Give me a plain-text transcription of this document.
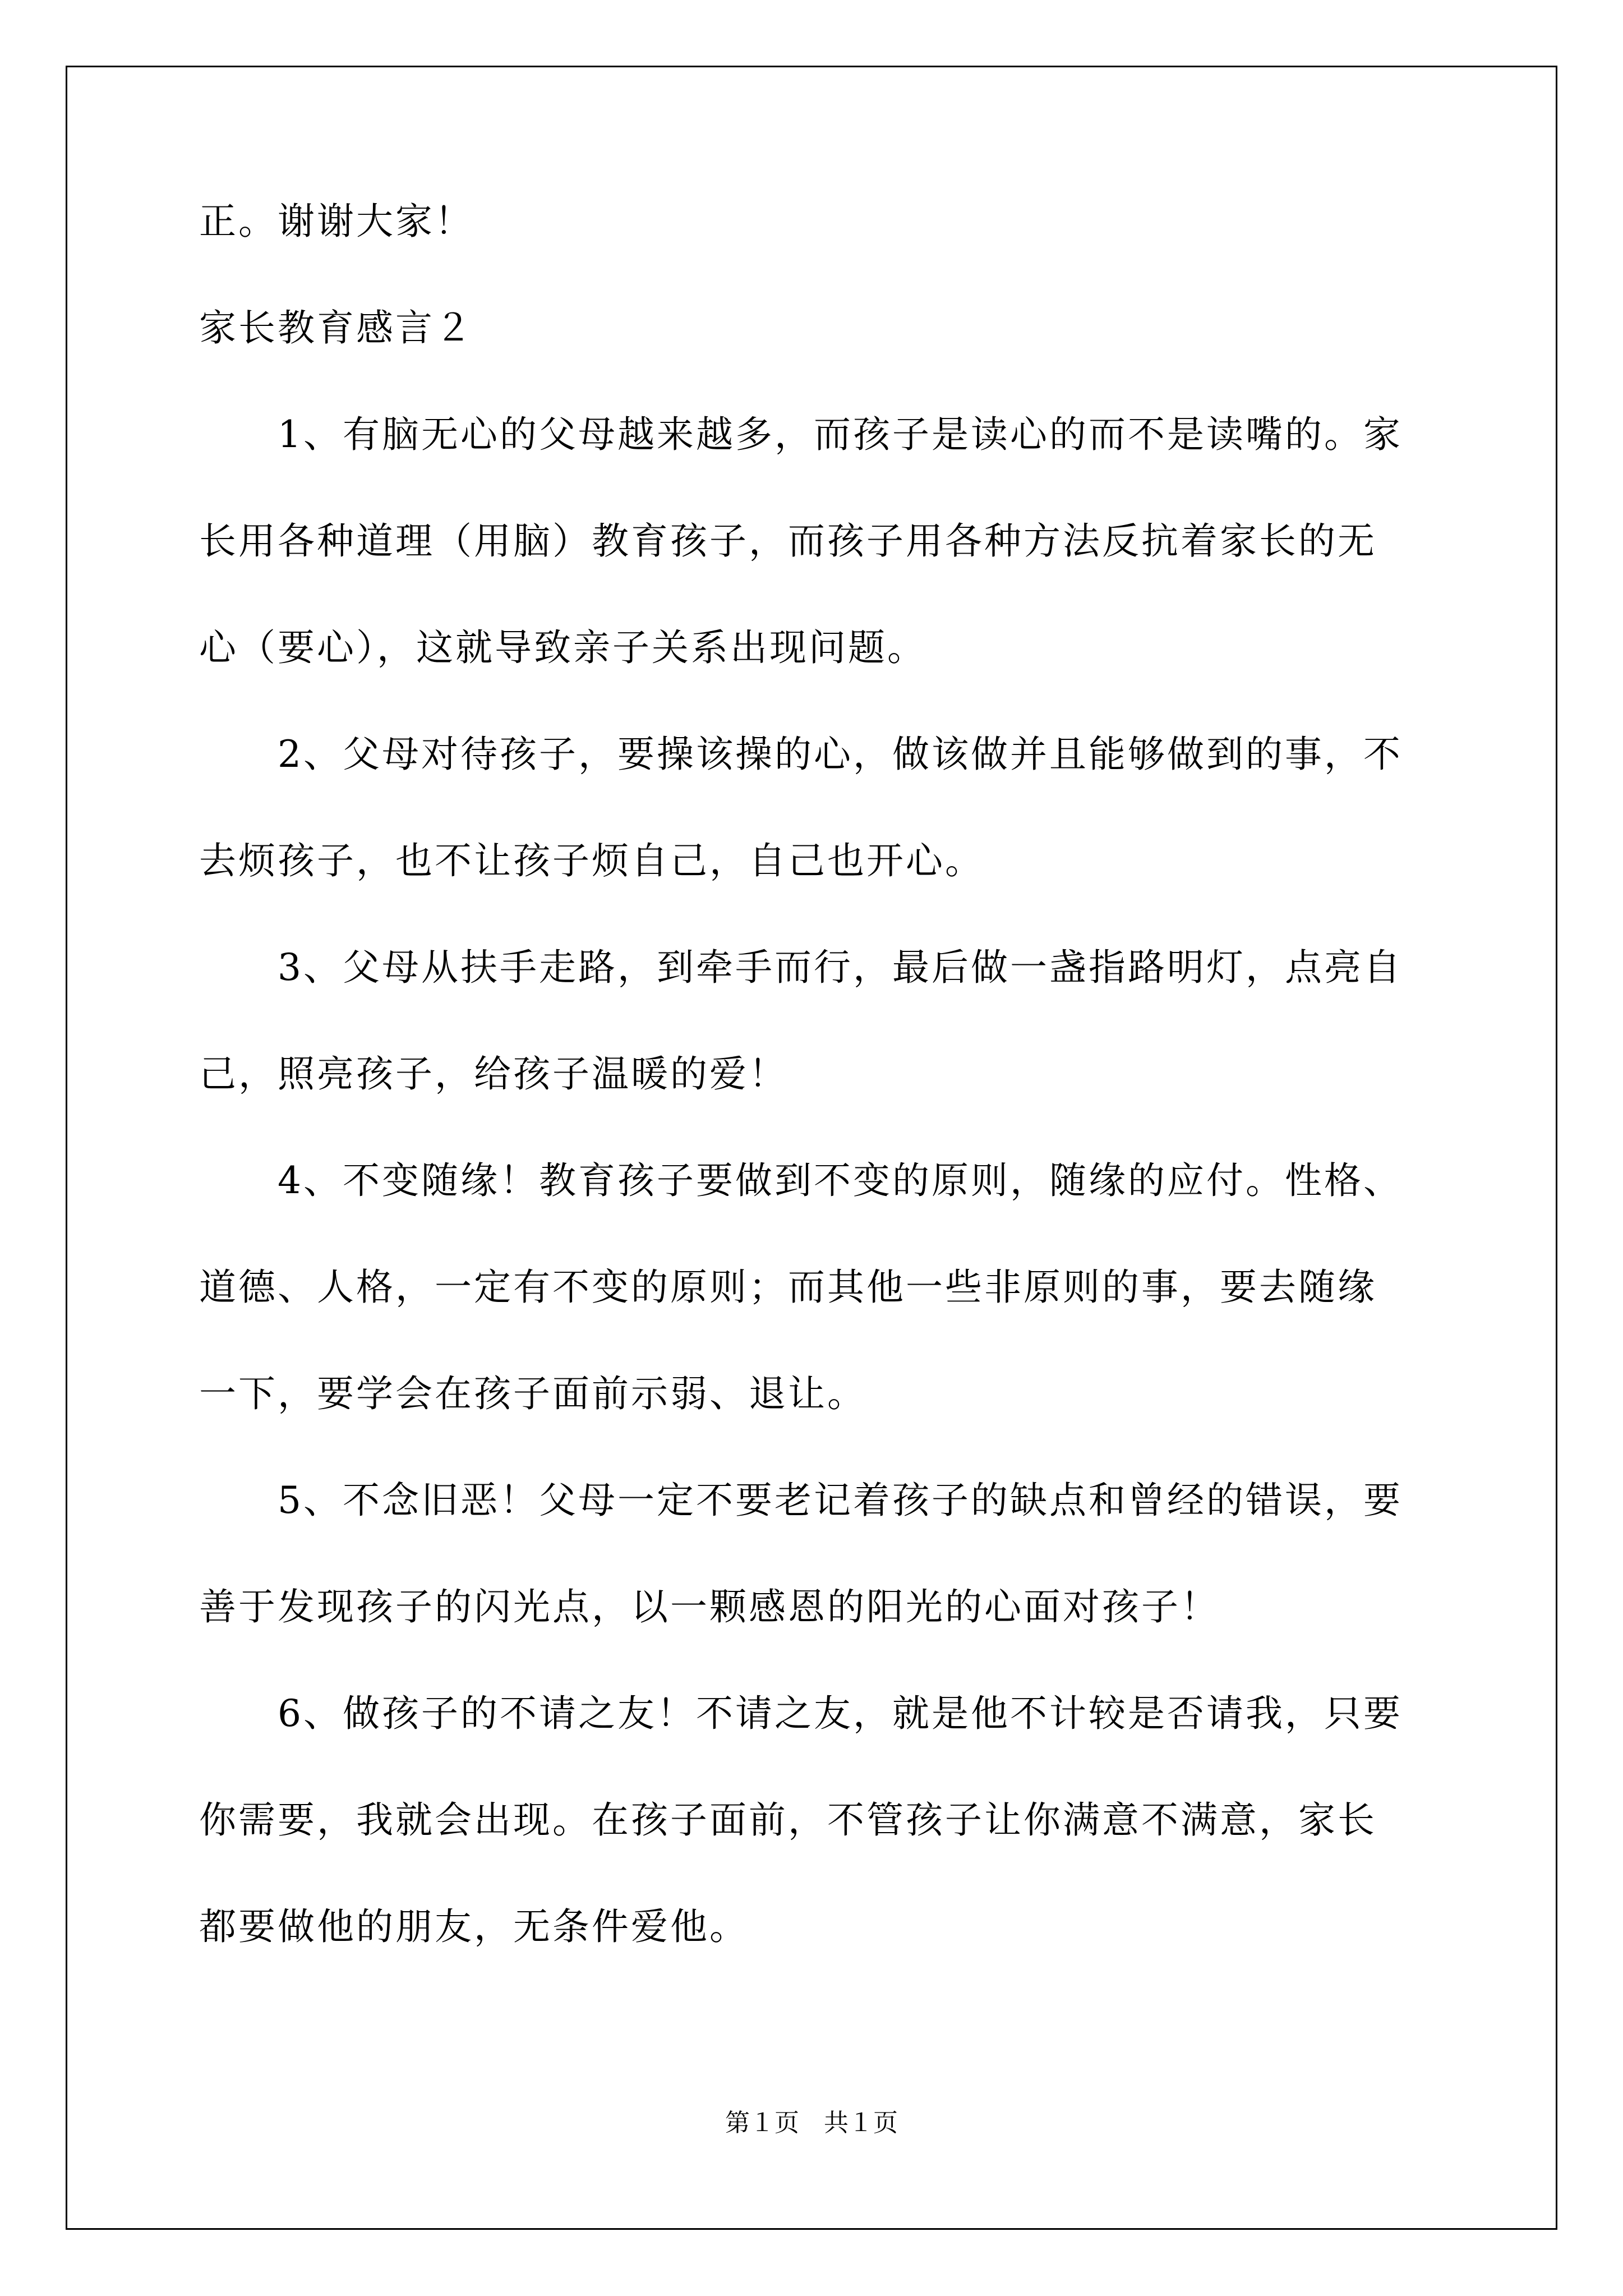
正。谢谢大家！
家长教育感言２
1、有脑无心的父母越来越多，而孩子是读心的而不是读嘴的。家
长用各种道理（用脑）教育孩子，而孩子用各种方法反抗着家长的无
心（要心），这就导致亲子关系出现问题。
2、父母对待孩子，要操该操的心，做该做并且能够做到的事，不
去烦孩子，也不让孩子烦自己，自己也开心。
3、父母从扶手走路，到牵手而行，最后做一盏指路明灯，点亮自
己，照亮孩子，给孩子温暖的爱！
4、不变随缘！教育孩子要做到不变的原则，随缘的应付。性格、
道德、人格，一定有不变的原则；而其他一些非原则的事，要去随缘
一下，要学会在孩子面前示弱、退让。
5、不念旧恶！父母一定不要老记着孩子的缺点和曾经的错误，要
善于发现孩子的闪光点，以一颗感恩的阳光的心面对孩子！
6、做孩子的不请之友！不请之友，就是他不计较是否请我，只要
你需要，我就会出现。在孩子面前，不管孩子让你满意不满意，家长
都要做他的朋友，无条件爱他。
第１页　共１页
